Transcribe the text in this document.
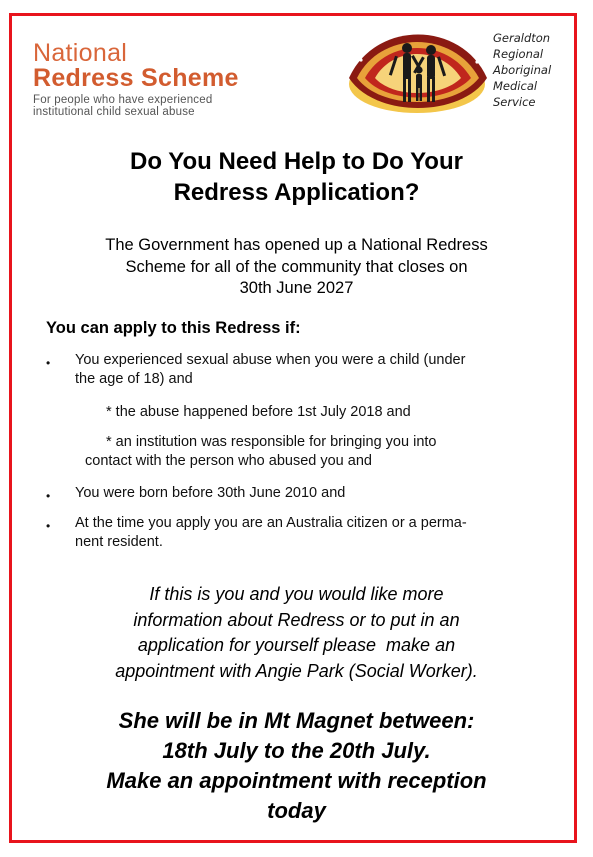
National
Redress Scheme
For people who have experienced
institutional child sexual abuse
Geraldton
Regional
Aboriginal
Medical
Service
Do You Need Help to Do Your
Redress Application?
The Government has opened up a National Redress
Scheme for all of the community that closes on
30th June 2027
You can apply to this Redress if:
•	You experienced sexual abuse when you were a child (under
the age of 18) and
* the abuse happened before 1st July 2018 and
* an institution was responsible for bringing you into
contact with the person who abused you and
•	You were born before 30th June 2010 and
•	At the time you apply you are an Australia citizen or a perma-
nent resident.
If this is you and you would like more
information about Redress or to put in an
application for yourself please  make an
appointment with Angie Park (Social Worker).
She will be in Mt Magnet between:
18th July to the 20th July.
Make an appointment with reception
today
